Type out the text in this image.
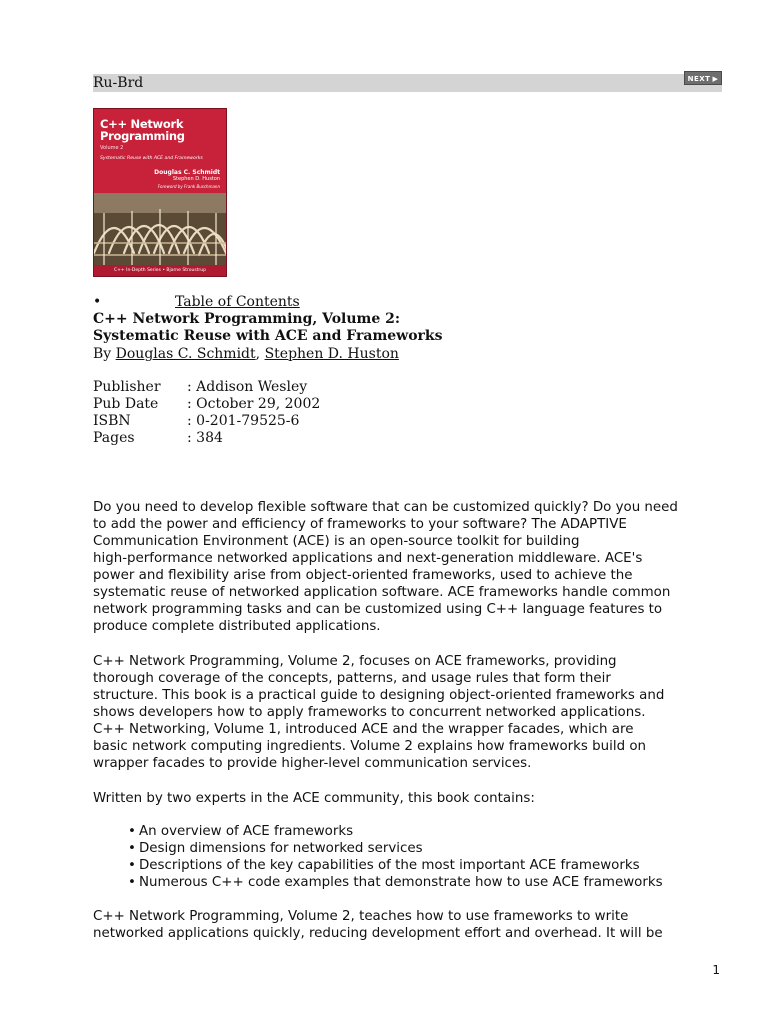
Ru-Brd	NEXT ▶
C++ Network
Programming
Volume 2
Systematic Reuse with ACE and Frameworks
Douglas C. Schmidt
Stephen D. Huston
Foreword by Frank Buschmann
C++ In-Depth Series • Bjarne Stroustrup
•	Table of Contents
C++ Network Programming, Volume 2:
Systematic Reuse with ACE and Frameworks
By Douglas C. Schmidt, Stephen D. Huston
Publisher	: Addison Wesley
Pub Date	: October 29, 2002
ISBN	: 0-201-79525-6
Pages	: 384
Do you need to develop flexible software that can be customized quickly? Do you need
to add the power and efficiency of frameworks to your software? The ADAPTIVE
Communication Environment (ACE) is an open-source toolkit for building
high-performance networked applications and next-generation middleware. ACE's
power and flexibility arise from object-oriented frameworks, used to achieve the
systematic reuse of networked application software. ACE frameworks handle common
network programming tasks and can be customized using C++ language features to
produce complete distributed applications.
C++ Network Programming, Volume 2, focuses on ACE frameworks, providing
thorough coverage of the concepts, patterns, and usage rules that form their
structure. This book is a practical guide to designing object-oriented frameworks and
shows developers how to apply frameworks to concurrent networked applications.
C++ Networking, Volume 1, introduced ACE and the wrapper facades, which are
basic network computing ingredients. Volume 2 explains how frameworks build on
wrapper facades to provide higher-level communication services.
Written by two experts in the ACE community, this book contains:
• An overview of ACE frameworks
• Design dimensions for networked services
• Descriptions of the key capabilities of the most important ACE frameworks
• Numerous C++ code examples that demonstrate how to use ACE frameworks
C++ Network Programming, Volume 2, teaches how to use frameworks to write
networked applications quickly, reducing development effort and overhead. It will be
1
